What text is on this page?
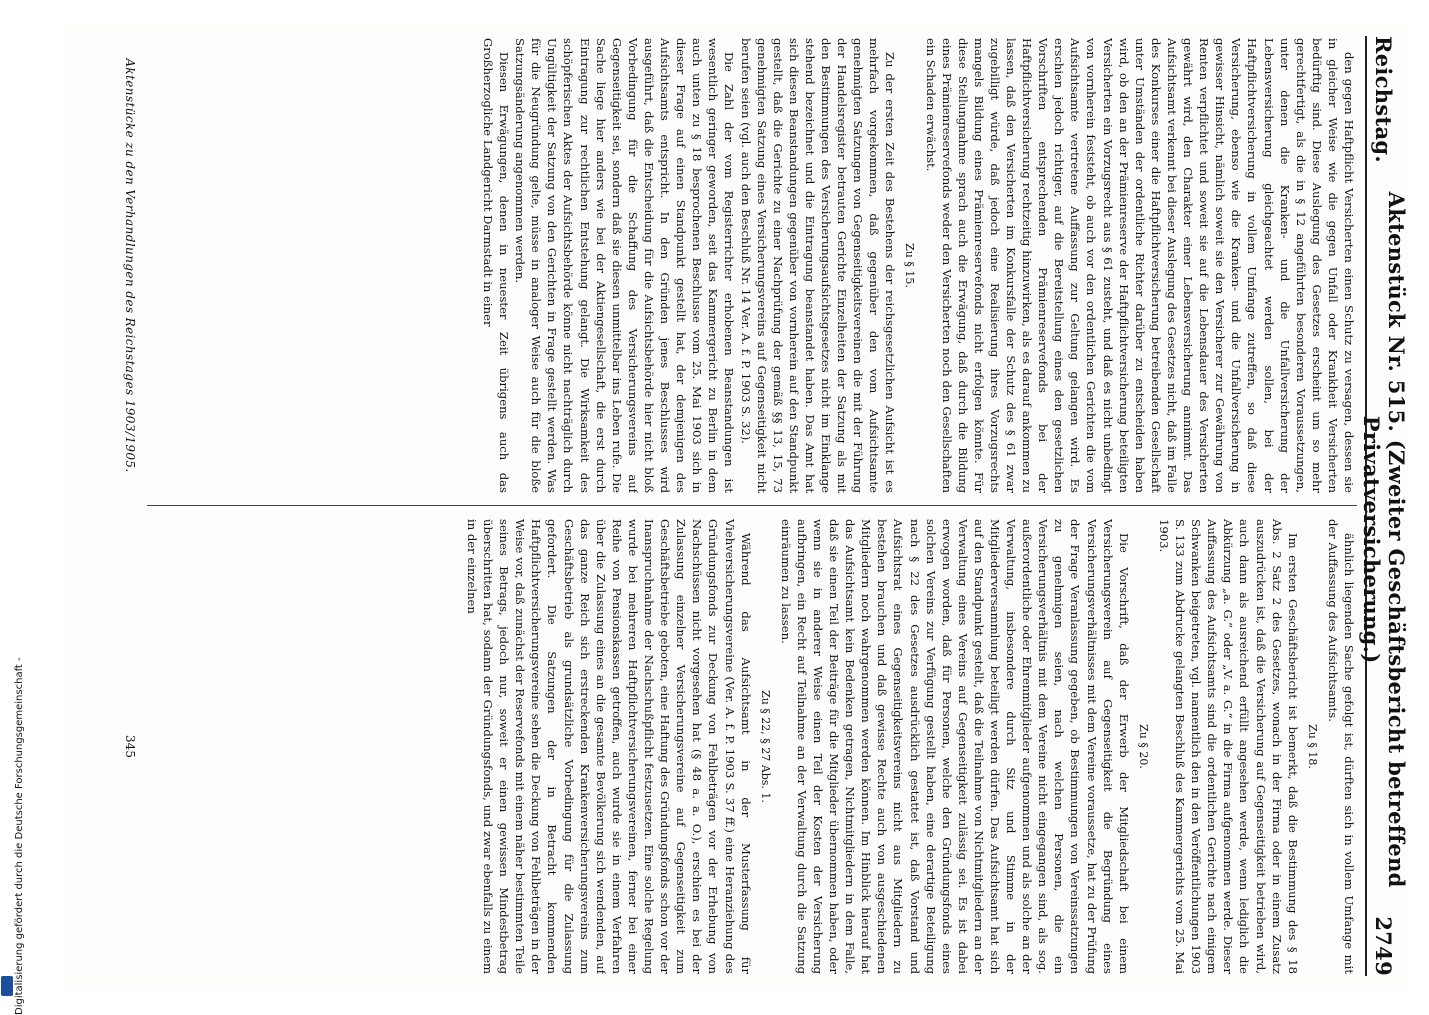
Reichstag.
Aktenstück Nr. 515. (Zweiter Geschäftsbericht betreffend Privatversicherung.)
2749

den gegen Haftpflicht Versicherten einen Schutz zu versagen, dessen sie in gleicher Weise wie die gegen Unfall oder Krankheit Versicherten bedürftig sind. Diese Auslegung des Gesetzes erscheint um so mehr gerechtfertigt, als die in § 12 angeführten besonderen Voraussetzungen, unter denen die Kranken- und die Unfallversicherung der Lebensversicherung gleichgeachtet werden sollen, bei der Haftpflichtversicherung in vollem Umfange zutreffen, so daß diese Versicherung, ebenso wie die Kranken- und die Unfallversicherung in gewisser Hinsicht, nämlich soweit sie den Versicherer zur Gewährung von Renten verpflichtet und soweit sie auf die Lebensdauer des Versicherten gewährt wird, den Charakter einer Lebensversicherung annimmt. Das Aufsichtsamt verkennt bei dieser Auslegung des Gesetzes nicht, daß im Falle des Konkurses einer die Haftpflichtversicherung betreibenden Gesellschaft unter Umständen der ordentliche Richter darüber zu entscheiden haben wird, ob den an der Prämienreserve der Haftpflichtversicherung beteiligten Versicherten ein Vorzugsrecht aus § 61 zusteht, und daß es nicht unbedingt von vornherein feststeht, ob auch vor den ordentlichen Gerichten die vom Aufsichtsamte vertretene Auffassung zur Geltung gelangen wird. Es erschien jedoch richtiger, auf die Bereitstellung eines den gesetzlichen Vorschriften entsprechenden Prämienreservefonds bei der Haftpflichtversicherung rechtzeitig hinzuwirken, als es darauf ankommen zu lassen, daß den Versicherten im Konkursfalle der Schutz des § 61 zwar zugebilligt würde, daß jedoch eine Realisierung ihres Vorzugsrechts mangels Bildung eines Prämienreservefonds nicht erfolgen könnte. Für diese Stellungnahme sprach auch die Erwägung, daß durch die Bildung eines Prämienreservefonds weder den Versicherten noch den Gesellschaften ein Schaden erwächst.

Zu § 15.

Zu der ersten Zeit des Bestehens der reichsgesetzlichen Aufsicht ist es mehrfach vorgekommen, daß gegenüber den vom Aufsichtsamte genehmigten Satzungen von Gegenseitigkeitsvereinen die mit der Führung der Handelsregister betrauten Gerichte Einzelheiten der Satzung als mit den Bestimmungen des Versicherungsaufsichtsgesetzes nicht im Einklange stehend bezeichnet und die Eintragung beanstandet haben. Das Amt hat sich diesen Beanstandungen gegenüber von vornherein auf den Standpunkt gestellt, daß die Gerichte zu einer Nachprüfung der gemäß §§ 13, 15, 73 genehmigten Satzung eines Versicherungsvereins auf Gegenseitigkeit nicht berufen seien (vgl. auch den Beschluß Nr. 14 Ver. A. f. P. 1903 S. 32).

Die Zahl der vom Registerrichter erhobenen Beanstandungen ist wesentlich geringer geworden, seit das Kammergericht zu Berlin in dem auch unten zu § 18 besprochenen Beschlusse vom 25. Mai 1903 sich in dieser Frage auf einen Standpunkt gestellt hat, der demjenigen des Aufsichtsamts entspricht. In den Gründen jenes Beschlusses wird ausgeführt, daß die Entscheidung für die Aufsichtsbehörde hier nicht bloß Vorbedingung für die Schaffung des Versicherungsvereins auf Gegenseitigkeit sei, sondern daß sie diesen unmittelbar ins Leben rufe. Die Sache liege hier anders wie bei der Aktiengesellschaft, die erst durch Eintragung zur rechtlichen Entstehung gelangt. Die Wirksamkeit des schöpferischen Aktes der Aufsichtsbehörde könne nicht nachträglich durch Ungültigkeit der Satzung von den Gerichten in Frage gestellt werden. Was für die Neugründung gelte, müsse in analoger Weise auch für die bloße Satzungsänderung angenommen werden.

Diesen Erwägungen, denen in neuester Zeit übrigens auch das Großherzogliche Landgericht Darmstadt in einer

ähnlich liegenden Sache gefolgt ist, dürften sich in vollem Umfange mit der Auffassung des Aufsichtsamts.

Zu § 18.

Im ersten Geschäftsbericht ist bemerkt, daß die Bestimmung des § 18 Abs. 2 Satz 2 des Gesetzes, wonach in der Firma oder in einem Zusatz auszudrücken ist, daß die Versicherung auf Gegenseitigkeit betrieben wird, auch dann als ausreichend erfüllt angesehen werde, wenn lediglich die Abkürzung „a. G.“ oder „V. a. G.“ in die Firma aufgenommen werde. Dieser Auffassung des Aufsichtsamts sind die ordentlichen Gerichte nach einigem Schwanken beigetreten, vgl. namentlich den in den Veröffentlichungen 1903 S. 133 zum Abdrucke gelangten Beschluß des Kammergerichts vom 25. Mai 1903.

Zu § 20.

Die Vorschrift, daß der Erwerb der Mitgliedschaft bei einem Versicherungsverein auf Gegenseitigkeit die Begründung eines Versicherungsverhältnisses mit dem Vereine voraussetze, hat zu der Prüfung der Frage Veranlassung gegeben, ob Bestimmungen von Vereinssatzungen zu genehmigen seien, nach welchen Personen, die ein Versicherungsverhältnis mit dem Vereine nicht eingegangen sind, als sog. außerordentliche oder Ehrenmitglieder aufgenommen und als solche an der Verwaltung, insbesondere durch Sitz und Stimme in der Mitgliederversammlung beteiligt werden dürfen. Das Aufsichtsamt hat sich auf den Standpunkt gestellt, daß die Teilnahme von Nichtmitgliedern an der Verwaltung eines Vereins auf Gegenseitigkeit zulässig sei. Es ist dabei erwogen worden, daß für Personen, welche den Gründungsfonds eines solchen Vereins zur Verfügung gestellt haben, eine derartige Beteiligung nach § 22 des Gesetzes ausdrücklich gestattet ist, daß Vorstand und Aufsichtsrat eines Gegenseitigkeitsvereins nicht aus Mitgliedern zu bestehen brauchen und daß gewisse Rechte auch von ausgeschiedenen Mitgliedern noch wahrgenommen werden können. Im Hinblick hierauf hat das Aufsichtsamt kein Bedenken getragen, Nichtmitgliedern in dem Falle, daß sie einen Teil der Beiträge für die Mitglieder übernommen haben, oder wenn sie in anderer Weise einen Teil der Kosten der Versicherung aufbringen, ein Recht auf Teilnahme an der Verwaltung durch die Satzung einräumen zu lassen.

Zu § 22, § 27 Abs. 1.

Während das Aufsichtsamt in der Musterfassung für Viehversicherungsvereine (Ver. A. f. P. 1903 S. 37 ff.) eine Heranziehung des Gründungsfonds zur Deckung von Fehlbeträgen vor der Erhebung von Nachschüssen nicht vorgesehen hat (§ 48 a. a. O.), erschien es bei der Zulassung einzelner Versicherungsvereine auf Gegenseitigkeit zum Geschäftsbetriebe geboten, eine Haftung des Gründungsfonds schon vor der Inanspruchnahme der Nachschußpflicht festzusetzen. Eine solche Regelung wurde bei mehreren Haftpflichtversicherungsvereinen, ferner bei einer Reihe von Pensionskassen getroffen, auch wurde sie in einem Verfahren über die Zulassung eines an die gesamte Bevölkerung sich wendenden, auf das ganze Reich sich erstreckenden Krankenversicherungsvereins zum Geschäftsbetrieb als grundsätzliche Vorbedingung für die Zulassung gefordert. Die Satzungen der in Betracht kommenden Haftpflichtversicherungsvereine sehen die Deckung von Fehlbeträgen in der Weise vor, daß zunächst der Reservefonds mit einem näher bestimmten Teile seines Betrags, jedoch nur, soweit er einen gewissen Mindestbetrag überschritten hat, sodann der Gründungsfonds, und zwar ebenfalls zu einem in der einzelnen

Aktenstücke zu den Verhandlungen des Reichstages 1903/1905.
345
Digitalisierung gefördert durch die Deutsche Forschungsgemeinschaft -
